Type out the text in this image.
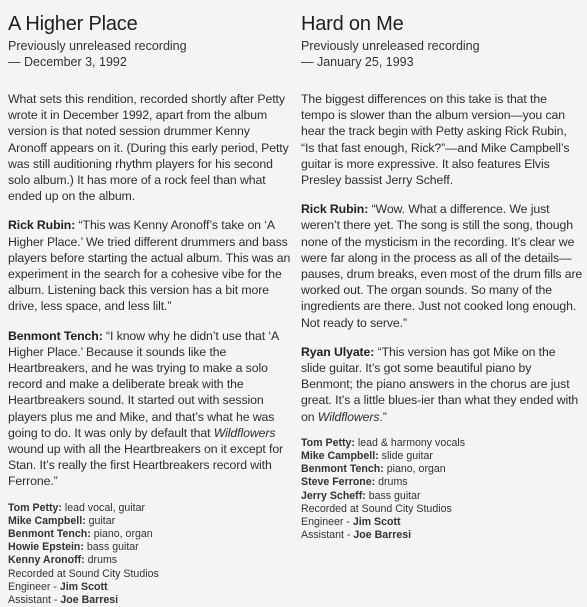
A Higher Place

Previously unreleased recording

— December 3, 1992

What sets this rendition, recorded shortly after Petty wrote it in December 1992, apart from the album version is that noted session drummer Kenny Aronoff appears on it. (During this early period, Petty was still auditioning rhythm players for his second solo album.) It has more of a rock feel than what ended up on the album.

Rick Rubin: “This was Kenny Aronoff’s take on ‘A Higher Place.’ We tried different drummers and bass players before starting the actual album. This was an experiment in the search for a cohesive vibe for the album. Listening back this version has a bit more drive, less space, and less lilt.”

Benmont Tench: “I know why he didn’t use that ‘A Higher Place.’ Because it sounds like the Heartbreakers, and he was trying to make a solo record and make a deliberate break with the Heartbreakers sound. It started out with session players plus me and Mike, and that’s what he was going to do. It was only by default that Wildflowers wound up with all the Heartbreakers on it except for Stan. It’s really the first Heartbreakers record with Ferrone.”

Tom Petty: lead vocal, guitar
Mike Campbell: guitar
Benmont Tench: piano, organ
Howie Epstein: bass guitar
Kenny Aronoff: drums
Recorded at Sound City Studios
Engineer - Jim Scott
Assistant - Joe Barresi
Hard on Me

Previously unreleased recording

— January 25, 1993

The biggest differences on this take is that the tempo is slower than the album version—you can hear the track begin with Petty asking Rick Rubin, “Is that fast enough, Rick?”—and Mike Campbell’s guitar is more expressive. It also features Elvis Presley bassist Jerry Scheff.

Rick Rubin: “Wow. What a difference. We just weren’t there yet. The song is still the song, though none of the mysticism in the recording. It’s clear we were far along in the process as all of the details—pauses, drum breaks, even most of the drum fills are worked out. The organ sounds. So many of the ingredients are there. Just not cooked long enough. Not ready to serve.”

Ryan Ulyate: “This version has got Mike on the slide guitar. It’s got some beautiful piano by Benmont; the piano answers in the chorus are just great. It’s a little blues-ier than what they ended with on Wildflowers.”

Tom Petty: lead & harmony vocals
Mike Campbell: slide guitar
Benmont Tench: piano, organ
Steve Ferrone: drums
Jerry Scheff: bass guitar
Recorded at Sound City Studios
Engineer - Jim Scott
Assistant - Joe Barresi
